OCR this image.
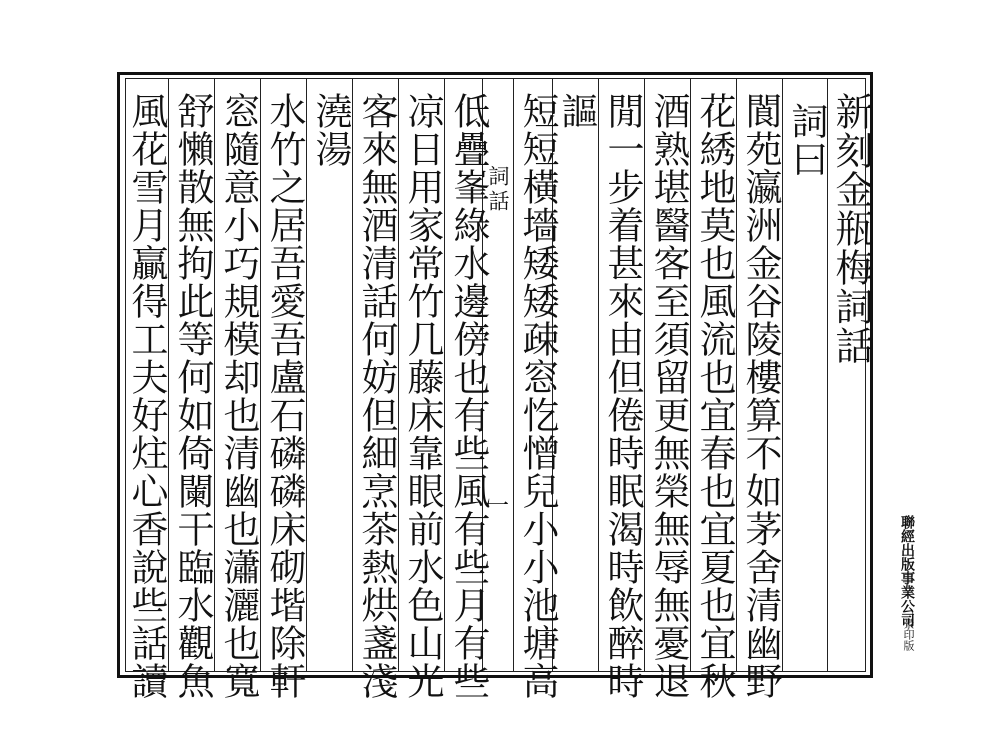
新刻金瓶梅詞話
詞曰
閬苑瀛洲金谷陵樓算不如茅舍清幽野
花綉地莫也風流也宜春也宜夏也宜秋
酒熟堪醫客至須留更無榮無辱無憂退
閒一步着甚來由但倦時眠渴時飲醉時
謳
詞話
一 短短橫墻矮矮疎窓忔憎兒小小池塘高
低疊峯綠水邊傍也有些風有些月有些
凉日用家常竹几藤床靠眼前水色山光
客來無酒清話何妨但細烹茶熱烘盞淺
澆湯
水竹之居吾愛吾盧石磷磷床砌堦除軒
窓隨意小巧規模却也清幽也瀟灑也寬
舒懶散無拘此等何如倚闌干臨水觀魚
風花雪月贏得工夫好炷心香說些話讀	聯經出版事業公司
景印版
